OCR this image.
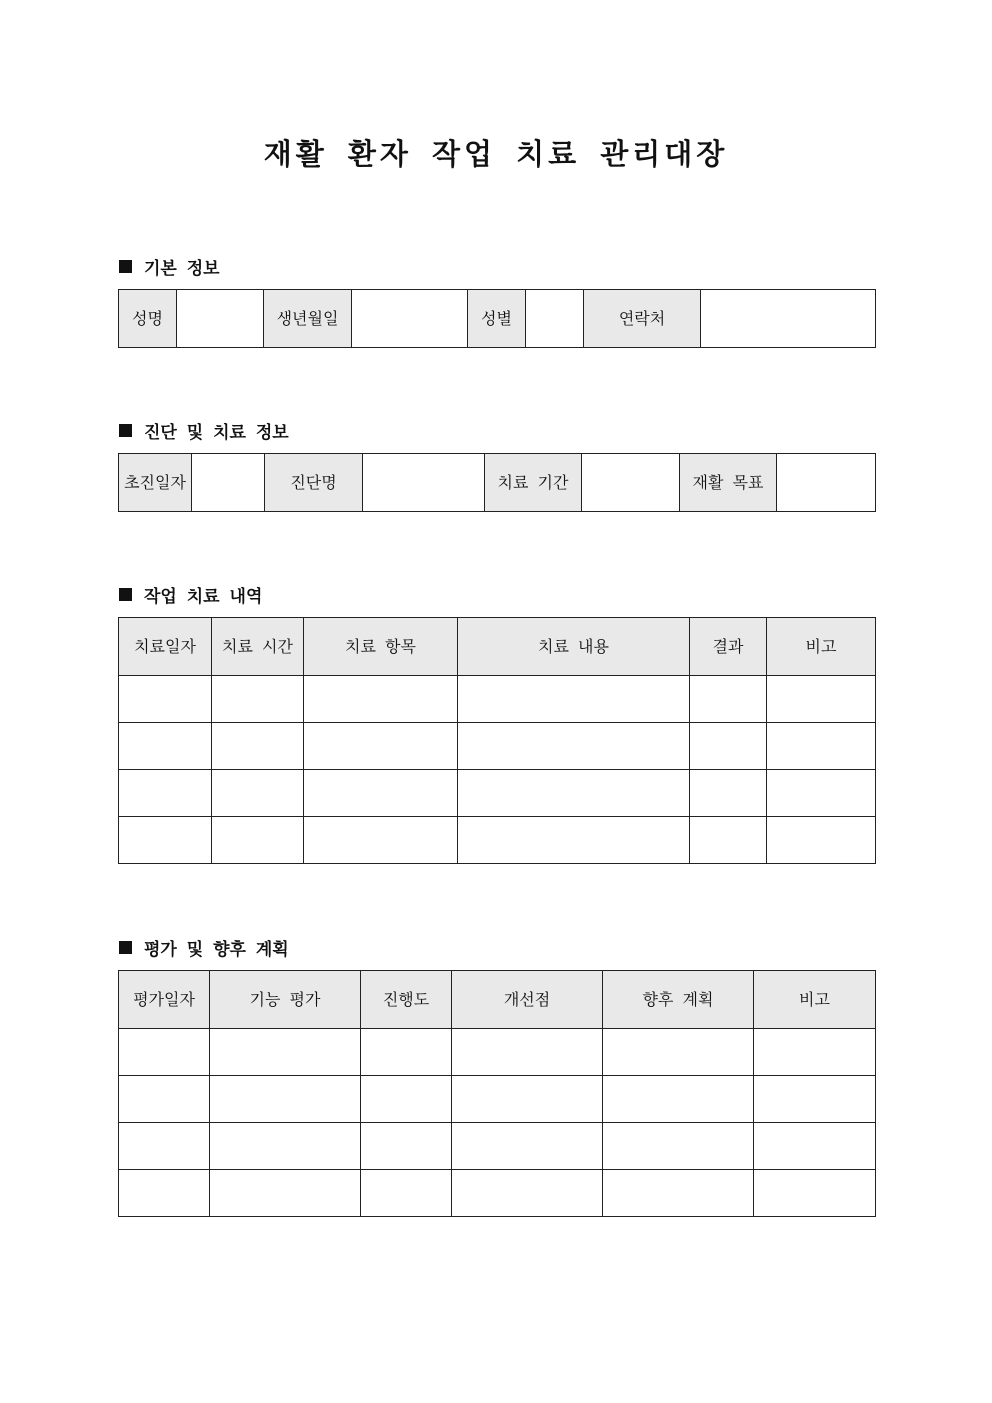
재활 환자 작업 치료 관리대장
기본 정보
성명		생년월일		성별		연락처	
진단 및 치료 정보
초진일자		진단명		치료 기간		재활 목표	
작업 치료 내역
치료일자	치료 시간	치료 항목	치료 내용	결과	비고

평가 및 향후 계획
평가일자	기능 평가	진행도	개선점	향후 계획	비고
